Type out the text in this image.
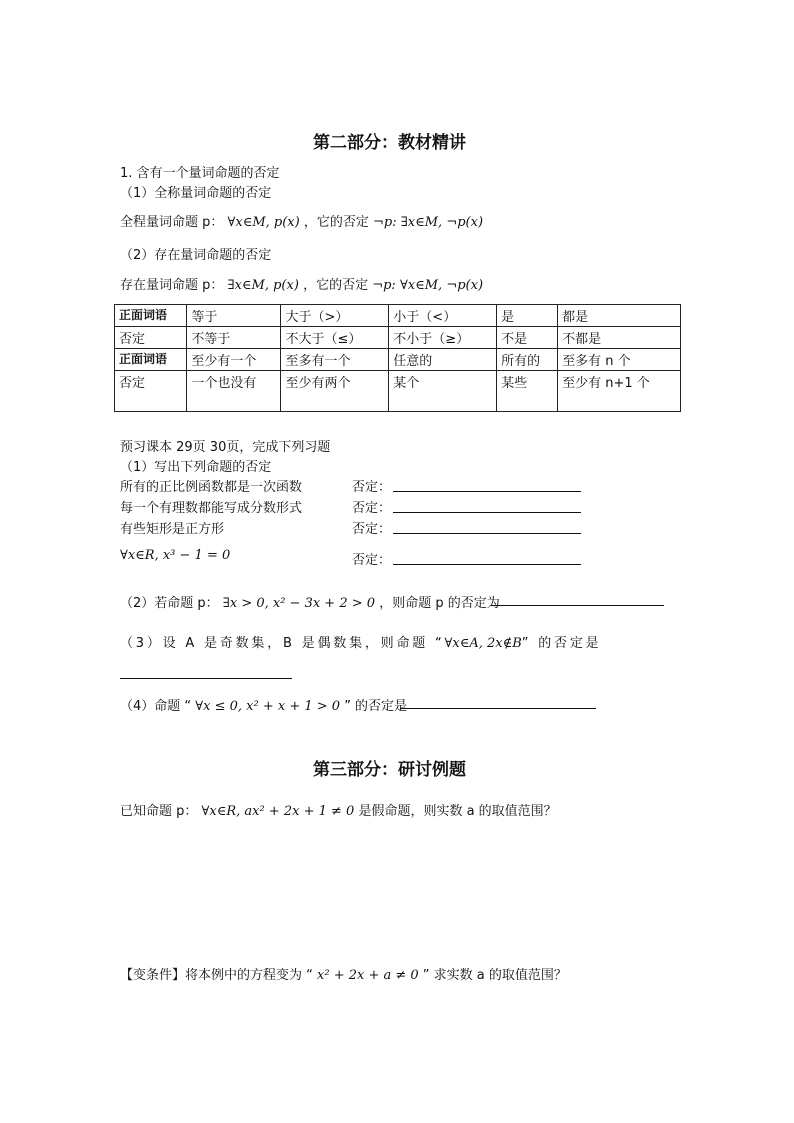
第二部分：教材精讲
1. 含有一个量词命题的否定
（1）全称量词命题的否定
全程量词命题 p： ∀x∈M, p(x) ，它的否定 ¬p: ∃x∈M, ¬p(x)
（2）存在量词命题的否定
存在量词命题 p： ∃x∈M, p(x) ，它的否定 ¬p: ∀x∈M, ¬p(x)
正面词语	等于	大于（>）	小于（<）	是	都是
否定	不等于	不大于（≤）	不小于（≥）	不是	不都是
正面词语	至少有一个	至多有一个	任意的	所有的	至多有 n 个
否定	一个也没有	至少有两个	某个	某些	至少有 n+1 个
预习课本 29页 30页，完成下列习题
（1）写出下列命题的否定
所有的正比例函数都是一次函数	否定：
每一个有理数都能写成分数形式	否定：
有些矩形是正方形	否定：
∀x∈R, x³ − 1 = 0	否定：
（2）若命题 p： ∃x > 0, x² − 3x + 2 > 0 ，则命题 p 的否定为
（3）设 A 是奇数集，B 是偶数集，则命题 “∀x∈A, 2x∉B” 的否定是
（4）命题 “ ∀x ≤ 0, x² + x + 1 > 0 ” 的否定是
第三部分：研讨例题
已知命题 p： ∀x∈R, ax² + 2x + 1 ≠ 0 是假命题，则实数 a 的取值范围？
【变条件】将本例中的方程变为 “ x² + 2x + a ≠ 0 ” 求实数 a 的取值范围？
